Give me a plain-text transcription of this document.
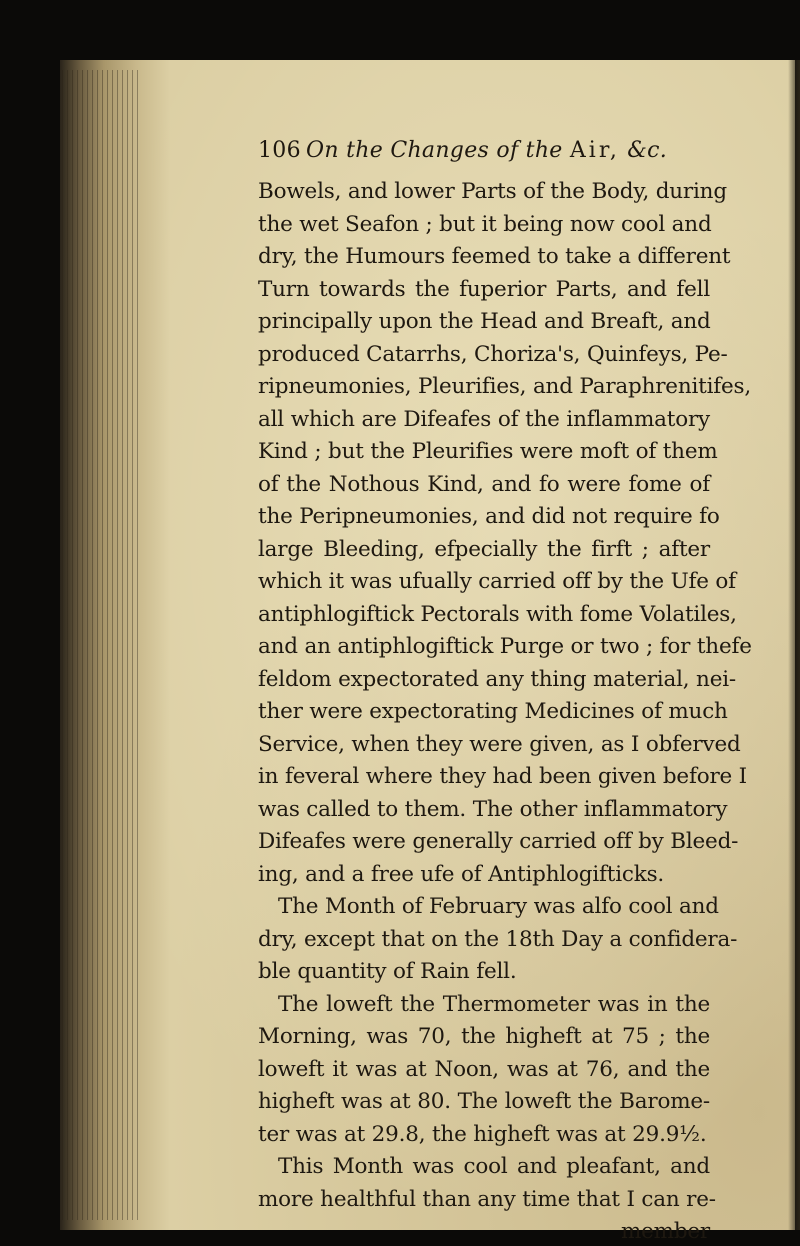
106 On the Changes of the Air, &c.
Bowels, and lower Parts of the Body, during
the wet Seafon ; but it being now cool and
dry, the Humours feemed to take a different
Turn towards the fuperior Parts, and fell
principally upon the Head and Breaft, and
produced Catarrhs, Choriza's, Quinfeys, Pe-
ripneumonies, Pleurifies, and Paraphrenitifes,
all which are Difeafes of the inflammatory
Kind ; but the Pleurifies were moft of them
of the Nothous Kind, and fo were fome of
the Peripneumonies, and did not require fo
large Bleeding, efpecially the firft ; after
which it was ufually carried off by the Ufe of
antiphlogiftick Pectorals with fome Volatiles,
and an antiphlogiftick Purge or two ; for thefe
feldom expectorated any thing material, nei-
ther were expectorating Medicines of much
Service, when they were given, as I obferved
in feveral where they had been given before I
was called to them. The other inflammatory
Difeafes were generally carried off by Bleed-
ing, and a free ufe of Antiphlogifticks.
The Month of February was alfo cool and
dry, except that on the 18th Day a confidera-
ble quantity of Rain fell.
The loweft the Thermometer was in the
Morning, was 70, the higheft at 75 ; the
loweft it was at Noon, was at 76, and the
higheft was at 80. The loweft the Barome-
ter was at 29.8, the higheft was at 29.9½.
This Month was cool and pleafant, and
more healthful than any time that I can re-
member
